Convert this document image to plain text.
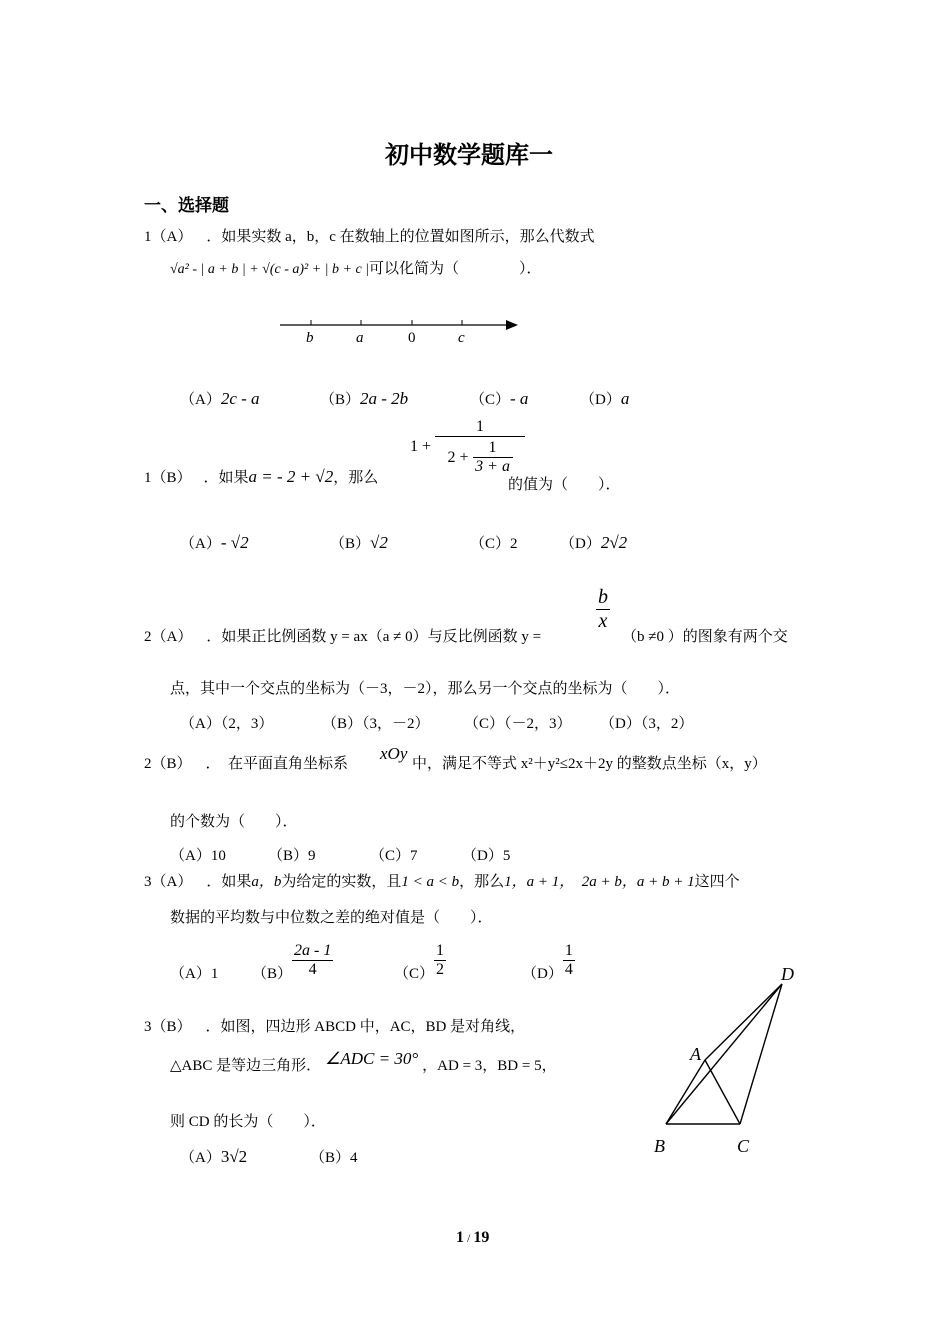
初中数学题库一
一、选择题
1（A） ．如果实数 a，b，c 在数轴上的位置如图所示，那么代数式
√a² - | a + b | + √(c - a)² + | b + c |可以化简为（　　　　）．
b	a	0	c
（A）2c - a	（B）2a - 2b	（C）- a	（D）a
1（B） ．如果a = - 2 + √2，那么
$1 + \frac{1}{2 + \frac{1}{3 + a}}$
的值为（　　）．
（A）- √2	（B）√2	（C）2	（D）2√2
$\frac{b}{x}$
2（A） ．如果正比例函数 y = ax（a ≠ 0）与反比例函数 y =	（b ≠0 ）的图象有两个交
点，其中一个交点的坐标为（－3，－2），那么另一个交点的坐标为（　　）．
（A）（2，3）	（B）（3，－2） （C）（－2，3） （D）（3，2）
2（B） ．　在平面直角坐标系
xOy
中，满足不等式 x²＋y²≤2x＋2y 的整数点坐标（x，y）
的个数为（　　）．
（A）10	（B）9	（C）7	（D）5
3（A） ．如果a，b为给定的实数，且1 < a < b，那么1，a + 1，　2a + b，a + b + 1这四个
数据的平均数与中位数之差的绝对值是（　　）．
（A）1	$(B) \frac{2a - 1}{4}$	$(C) \frac{1}{2}$	$(D) \frac{1}{4}$
3（B） ．如图，四边形 ABCD 中，AC，BD 是对角线，
△ABC 是等边三角形． ∠ADC = 30° ，AD = 3，BD = 5，
则 CD 的长为（　　）．
（A）3√2	（B）4
A
B	C
D
1 / 19
